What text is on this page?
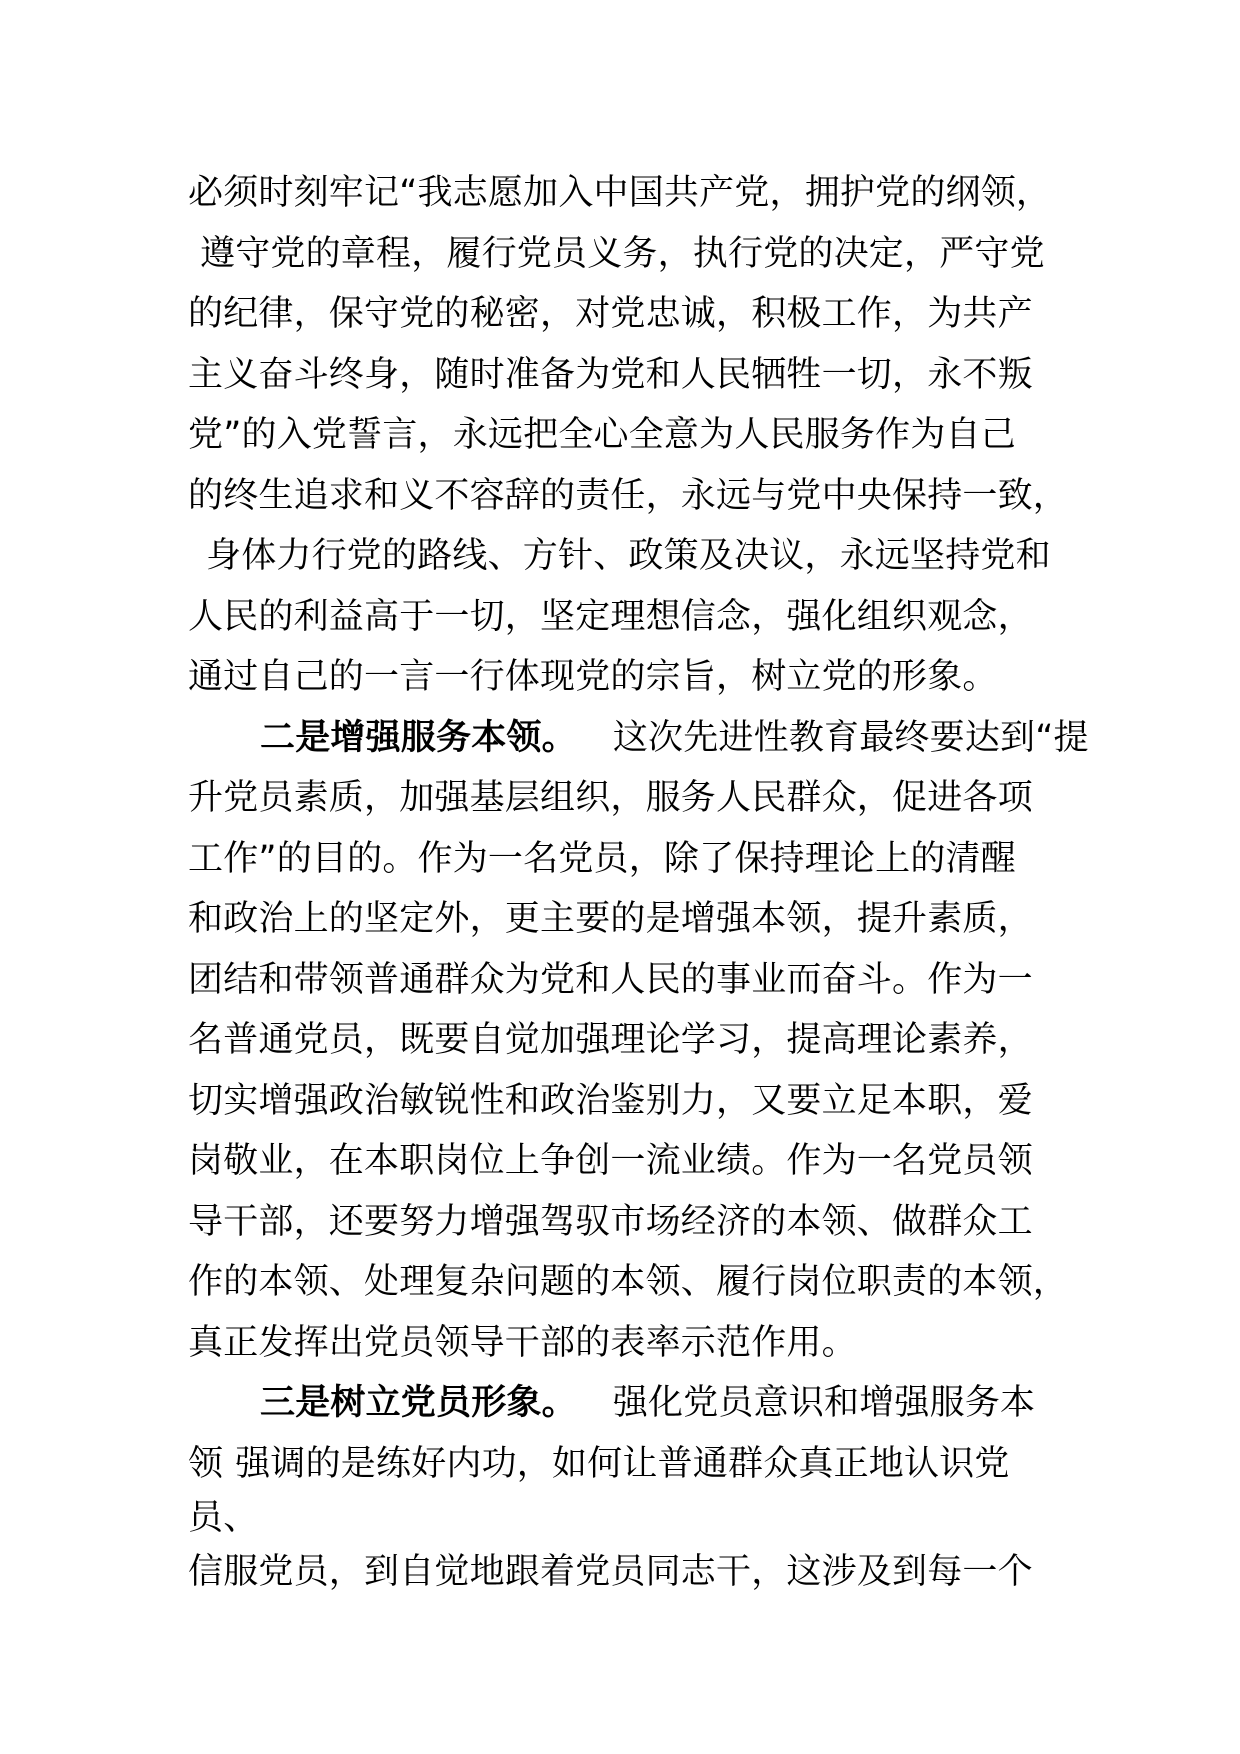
必须时刻牢记“我志愿加入中国共产党，拥护党的纲领，
遵守党的章程，履行党员义务，执行党的决定，严守党
的纪律，保守党的秘密，对党忠诚，积极工作，为共产
主义奋斗终身，随时准备为党和人民牺牲一切，永不叛
党”的入党誓言，永远把全心全意为人民服务作为自己
的终生追求和义不容辞的责任，永远与党中央保持一致，
身体力行党的路线、方针、政策及决议，永远坚持党和
人民的利益高于一切，坚定理想信念，强化组织观念，
通过自己的一言一行体现党的宗旨，树立党的形象。
二是增强服务本领。 这次先进性教育最终要达到“提
升党员素质，加强基层组织，服务人民群众，促进各项
工作”的目的。作为一名党员，除了保持理论上的清醒
和政治上的坚定外，更主要的是增强本领，提升素质，
团结和带领普通群众为党和人民的事业而奋斗。作为一
名普通党员，既要自觉加强理论学习，提高理论素养，
切实增强政治敏锐性和政治鉴别力，又要立足本职，爱
岗敬业，在本职岗位上争创一流业绩。作为一名党员领
导干部，还要努力增强驾驭市场经济的本领、做群众工
作的本领、处理复杂问题的本领、履行岗位职责的本领，
真正发挥出党员领导干部的表率示范作用。
三是树立党员形象。 强化党员意识和增强服务本
领 强调的是练好内功，如何让普通群众真正地认识党
员、
信服党员，到自觉地跟着党员同志干，这涉及到每一个
